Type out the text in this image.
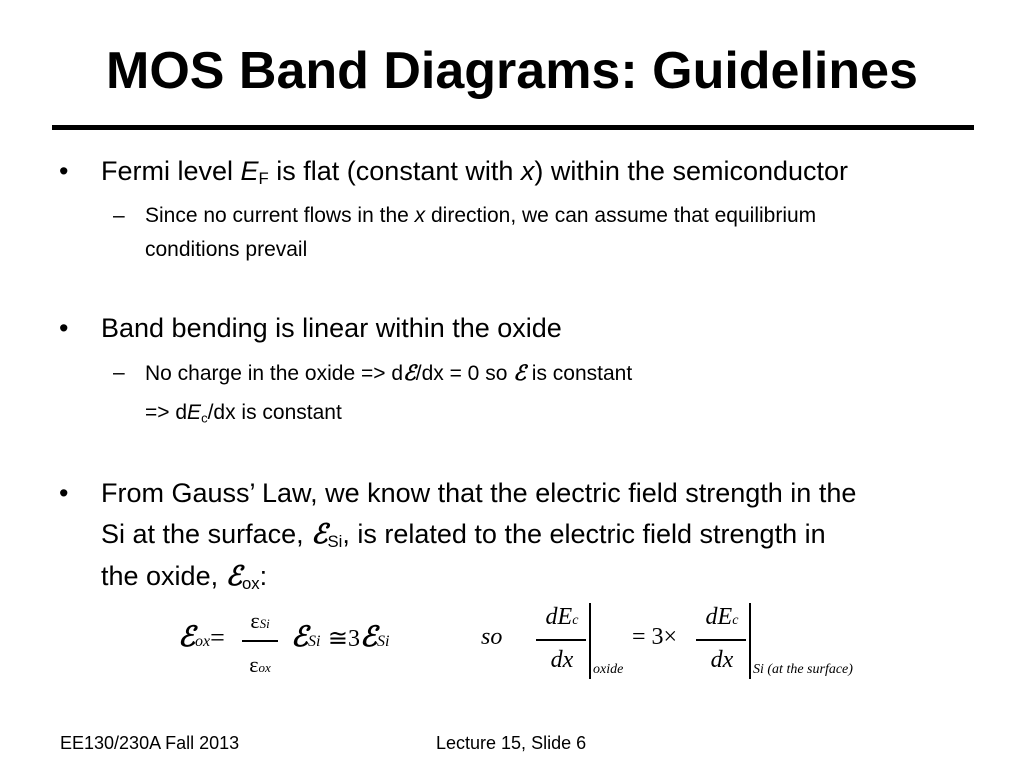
MOS Band Diagrams: Guidelines
• Fermi level $E_F$ is flat (constant with x) within the semiconductor
– Since no current flows in the x direction, we can assume that equilibrium
conditions prevail
• Band bending is linear within the oxide
– No charge in the oxide => dℰ/dx = 0 so ℰ is constant
=> $dE_c/dx$ is constant
• From Gauss’ Law, we know that the electric field strength in the
Si at the surface, ℰ$_{Si}$, is related to the electric field strength in
the oxide, ℰ$_{ox}$:
ℰox=
εSi
εox
ℰSi ≅3ℰSi	so
dEc
dx	oxide
= 3×
dEc
dx	Si (at the surface)
EE130/230A Fall 2013	Lecture 15, Slide 6
